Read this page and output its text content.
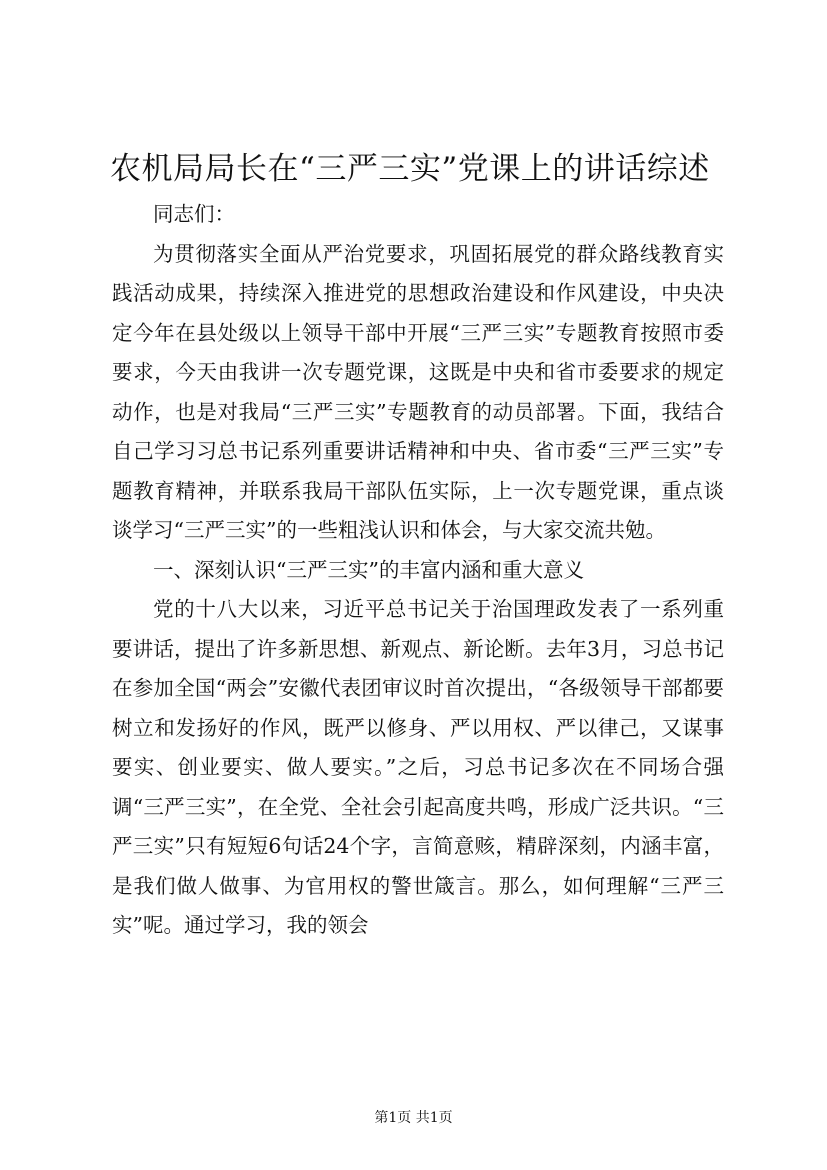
农机局局长在“三严三实”党课上的讲话综述

同志们：

为贯彻落实全面从严治党要求，巩固拓展党的群众路线教育实践活动成果，持续深入推进党的思想政治建设和作风建设，中央决定今年在县处级以上领导干部中开展“三严三实”专题教育按照市委要求，今天由我讲一次专题党课，这既是中央和省市委要求的规定动作，也是对我局“三严三实”专题教育的动员部署。下面，我结合自己学习习总书记系列重要讲话精神和中央、省市委“三严三实”专题教育精神，并联系我局干部队伍实际，上一次专题党课，重点谈谈学习“三严三实”的一些粗浅认识和体会，与大家交流共勉。

一、深刻认识“三严三实”的丰富内涵和重大意义

党的十八大以来，习近平总书记关于治国理政发表了一系列重要讲话，提出了许多新思想、新观点、新论断。去年3月，习总书记在参加全国“两会”安徽代表团审议时首次提出，“各级领导干部都要树立和发扬好的作风，既严以修身、严以用权、严以律己，又谋事要实、创业要实、做人要实。”之后，习总书记多次在不同场合强调“三严三实”，在全党、全社会引起高度共鸣，形成广泛共识。“三严三实”只有短短6句话24个字，言简意赅，精辟深刻，内涵丰富，是我们做人做事、为官用权的警世箴言。那么，如何理解“三严三实”呢。通过学习，我的领会

第1页 共1页
